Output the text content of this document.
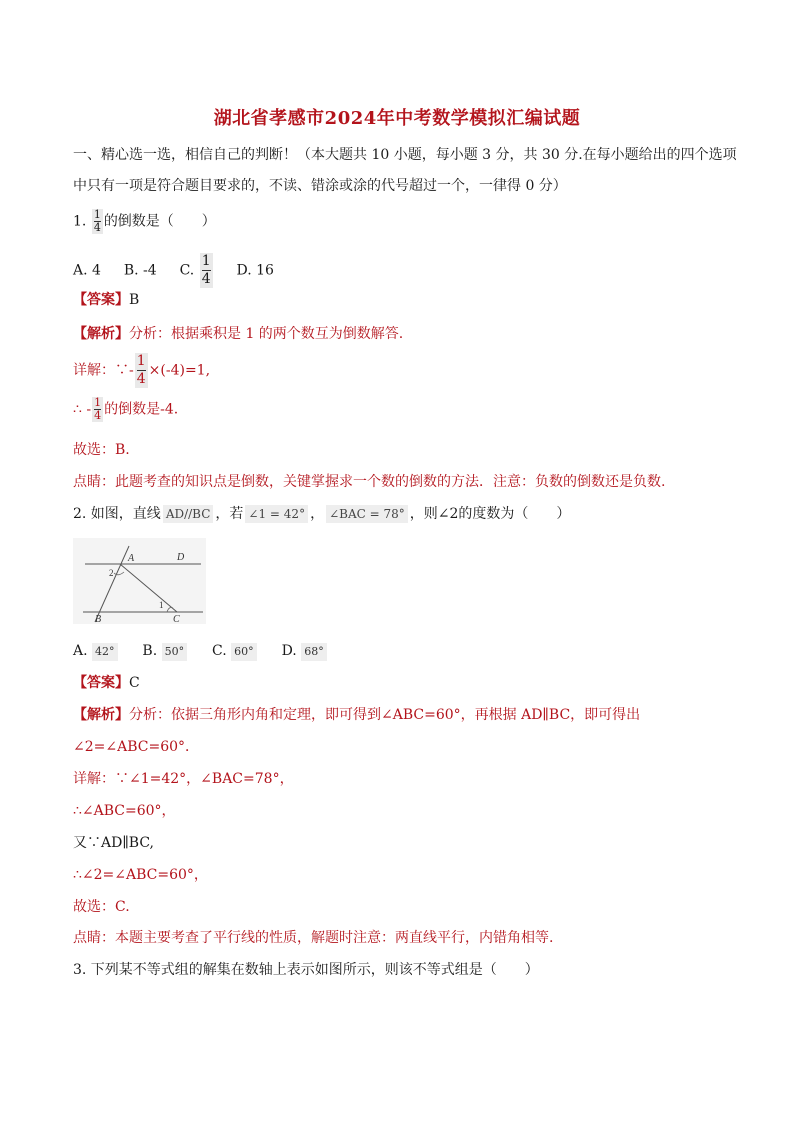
湖北省孝感市2024年中考数学模拟汇编试题
一、精心选一选，相信自己的判断！（本大题共 10 小题，每小题 3 分，共 30 分.在每小题给出的四个选项
中只有一项是符合题目要求的，不读、错涂或涂的代号超过一个，一律得 0 分）
1. $\frac{1}{4}$ 的倒数是（　　）
A. 4 B. -4 C. $\frac{1}{4} D$. 16
【答案】B
【解析】分析：根据乘积是 1 的两个数互为倒数解答.
详解：∵- $\frac{1}{4} \times(-4)=1$,
∴ - $\frac{1}{4}$ 的倒数是-4.
故选：B.
点睛：此题考查的知识点是倒数，关键掌握求一个数的倒数的方法．注意：负数的倒数还是负数.
2. 如图，直线 AD//BC ，若 ∠1 = 42° ， ∠BAC = 78° ，则∠2的度数为（　　）
A	D
B	C
1
2
A. 42° B. 50° C. 60° D. 68°
【答案】C
【解析】分析：依据三角形内角和定理，即可得到∠ABC=60°，再根据 AD∥BC，即可得出
∠2=∠ABC=60°．
详解：∵∠1=42°，∠BAC=78°，
∴∠ABC=60°，
又∵AD∥BC,
∴∠2=∠ABC=60°，
故选：C.
点睛：本题主要考查了平行线的性质，解题时注意：两直线平行，内错角相等.
3. 下列某不等式组的解集在数轴上表示如图所示，则该不等式组是（　　）
